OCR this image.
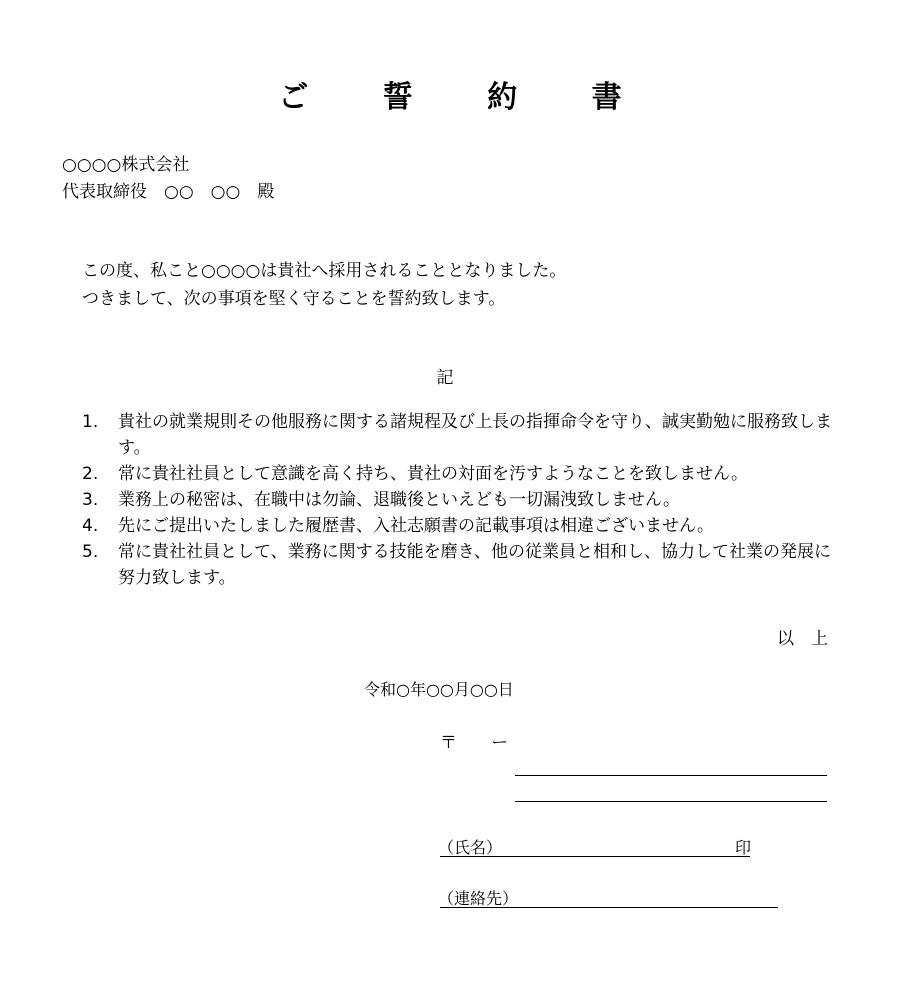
ご 誓 約 書
○○○○株式会社
代表取締役　○○　○○　殿
この度、私こと○○○○は貴社へ採用されることとなりました。
つきまして、次の事項を堅く守ることを誓約致します。
記
1.	貴社の就業規則その他服務に関する諸規程及び上長の指揮命令を守り、誠実勤勉に服務致します。
2.	常に貴社社員として意識を高く持ち、貴社の対面を汚すようなことを致しません。
3.	業務上の秘密は、在職中は勿論、退職後といえども一切漏洩致しません。
4.	先にご提出いたしました履歴書、入社志願書の記載事項は相違ございません。
5.	常に貴社社員として、業務に関する技能を磨き、他の従業員と相和し、協力して社業の発展に努力致します。
以　上
令和○年○○月○○日
〒　　ー
（氏名）	印
（連絡先）
